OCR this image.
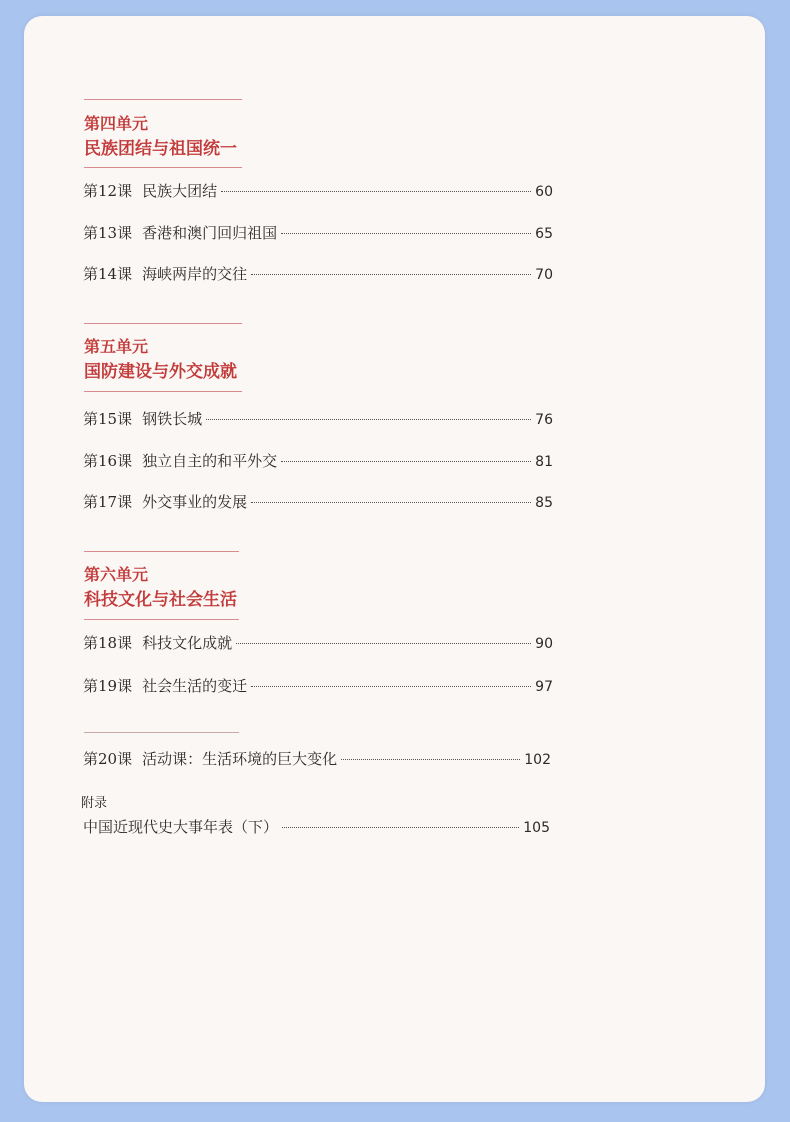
第四单元
民族团结与祖国统一
第12课 民族大团结	60
第13课 香港和澳门回归祖国	65
第14课 海峡两岸的交往	70
第五单元
国防建设与外交成就
第15课 钢铁长城	76
第16课 独立自主的和平外交	81
第17课 外交事业的发展	85
第六单元
科技文化与社会生活
第18课 科技文化成就	90
第19课 社会生活的变迁	97
第20课 活动课：生活环境的巨大变化	102
附录
中国近现代史大事年表（下）	105
